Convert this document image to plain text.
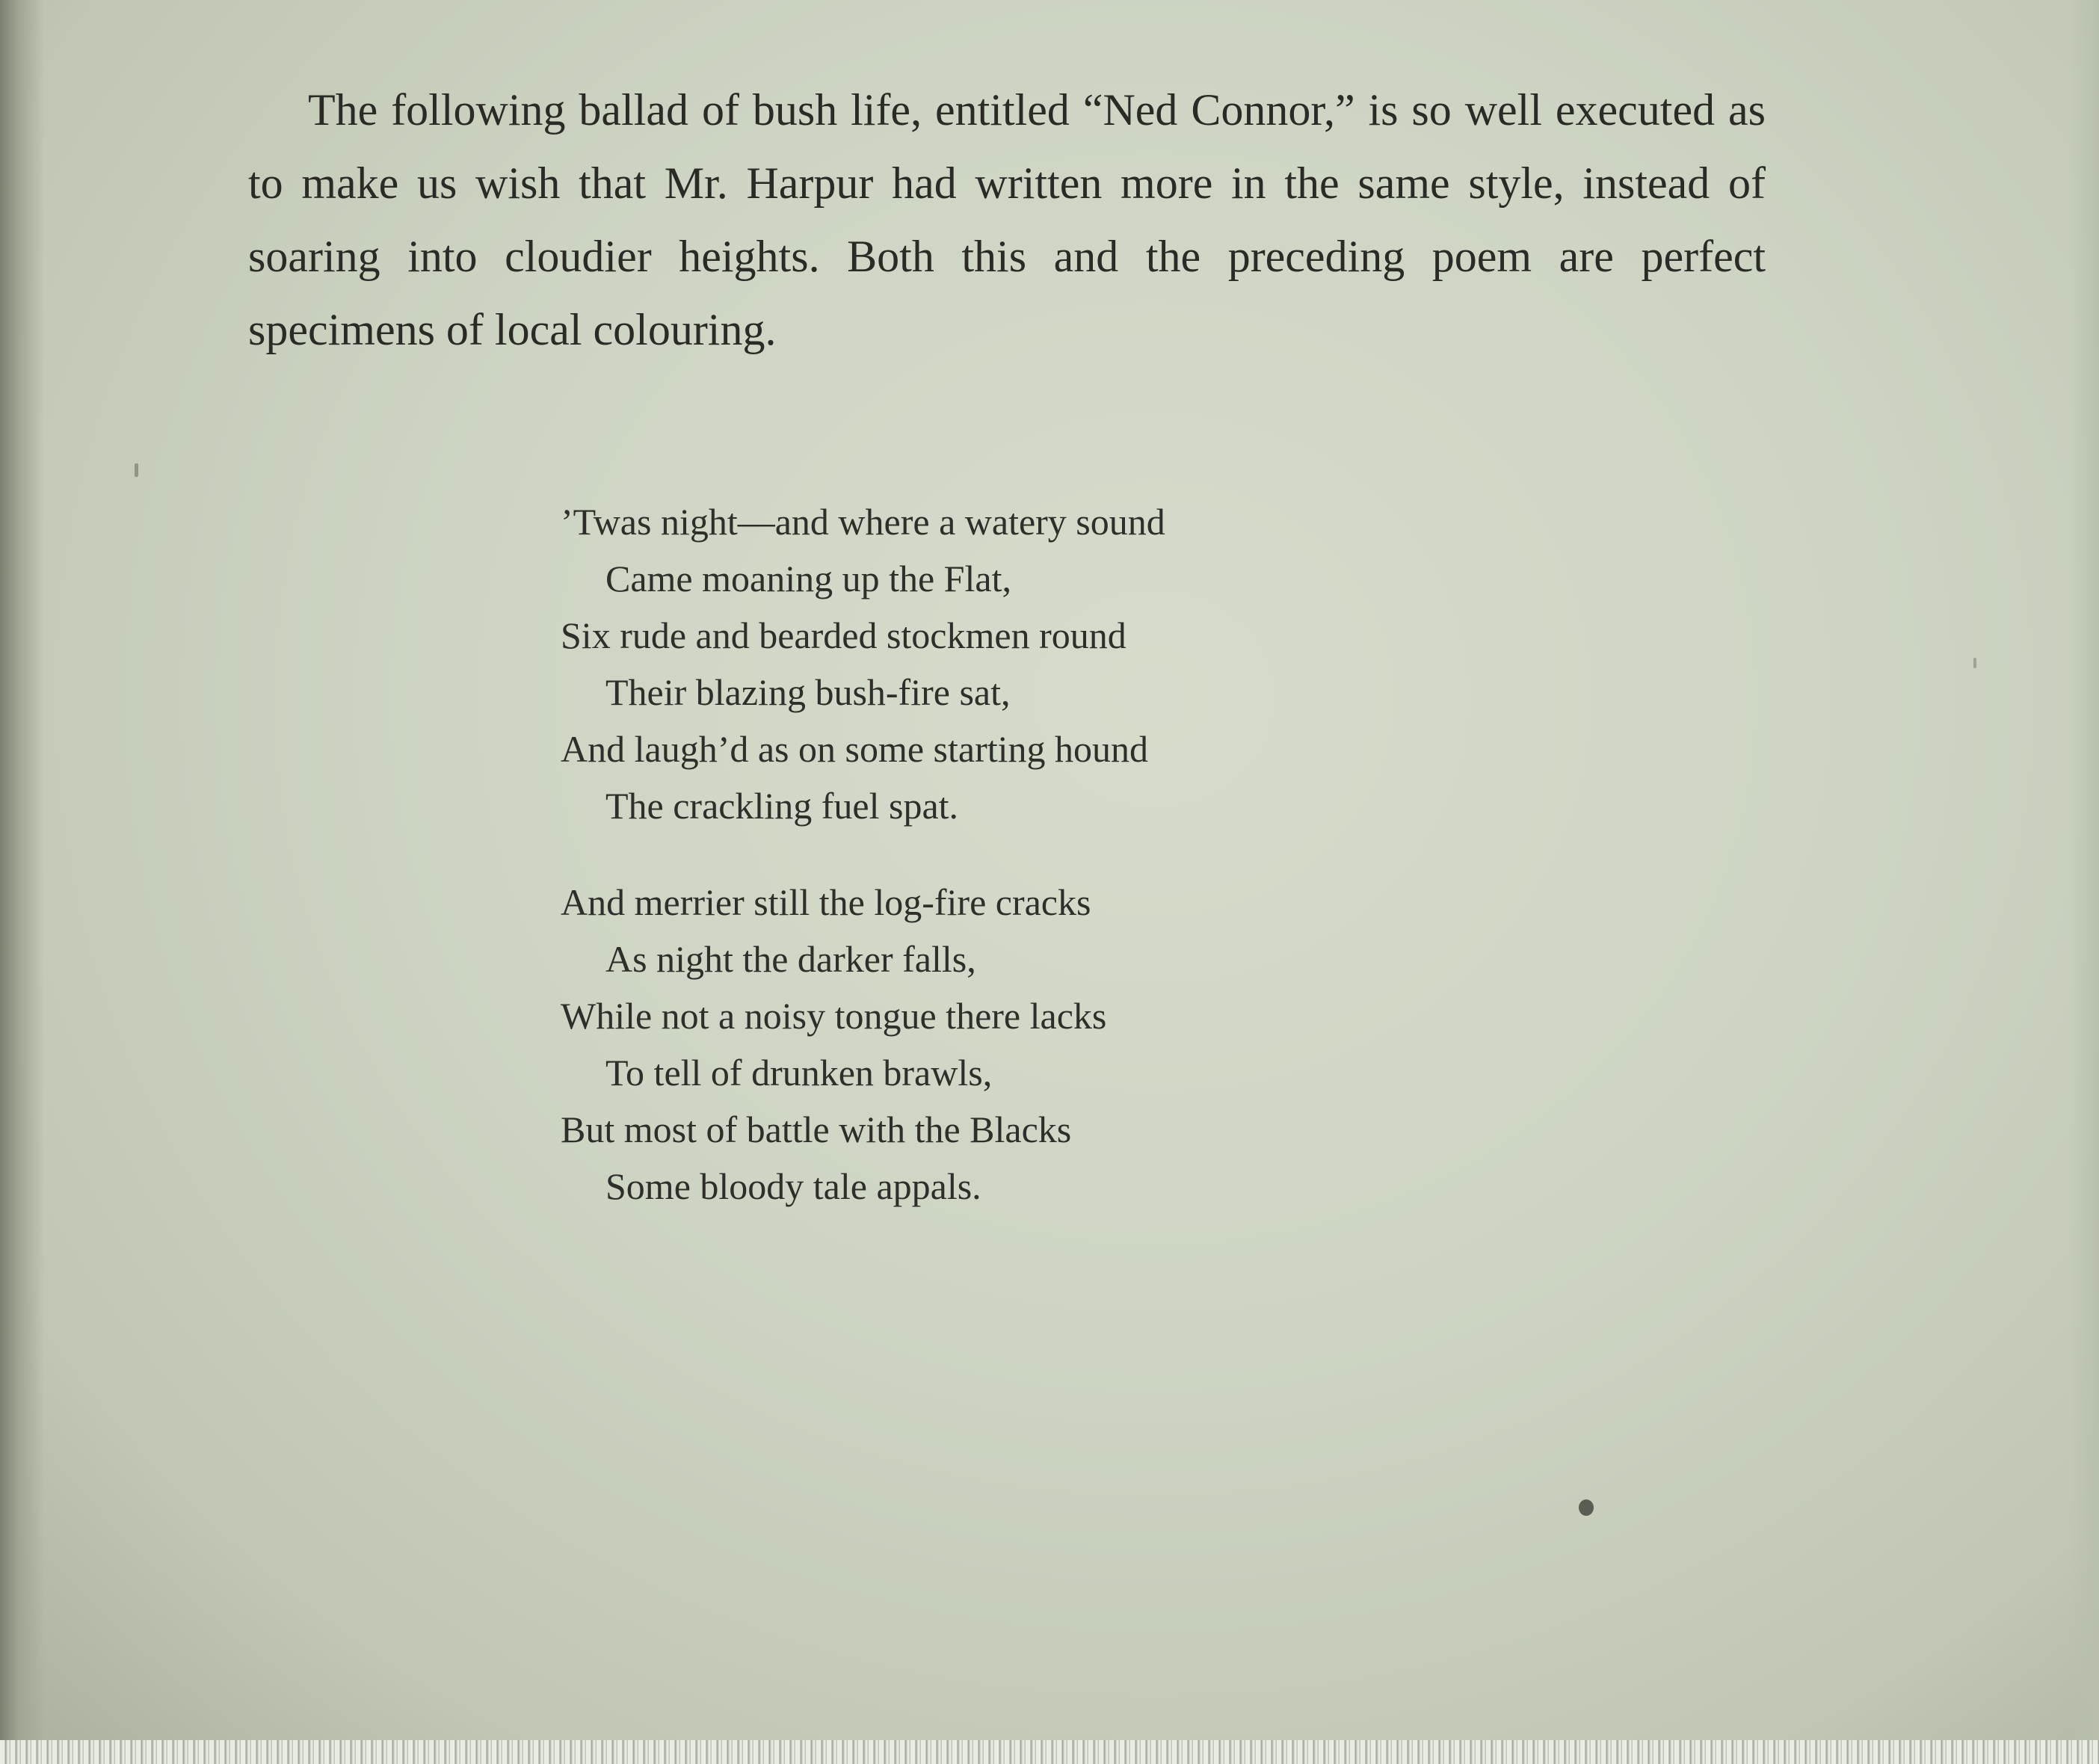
The following ballad of bush life, entitled “Ned Connor,” is so well executed as to make us wish that Mr. Harpur had written more in the same style, instead of soaring into cloudier heights. Both this and the preceding poem are perfect specimens of local colouring.

’Twas night—and where a watery sound
Came moaning up the Flat,
Six rude and bearded stockmen round
Their blazing bush-fire sat,
And laugh’d as on some starting hound
The crackling fuel spat.
And merrier still the log-fire cracks
As night the darker falls,
While not a noisy tongue there lacks
To tell of drunken brawls,
But most of battle with the Blacks
Some bloody tale appals.
